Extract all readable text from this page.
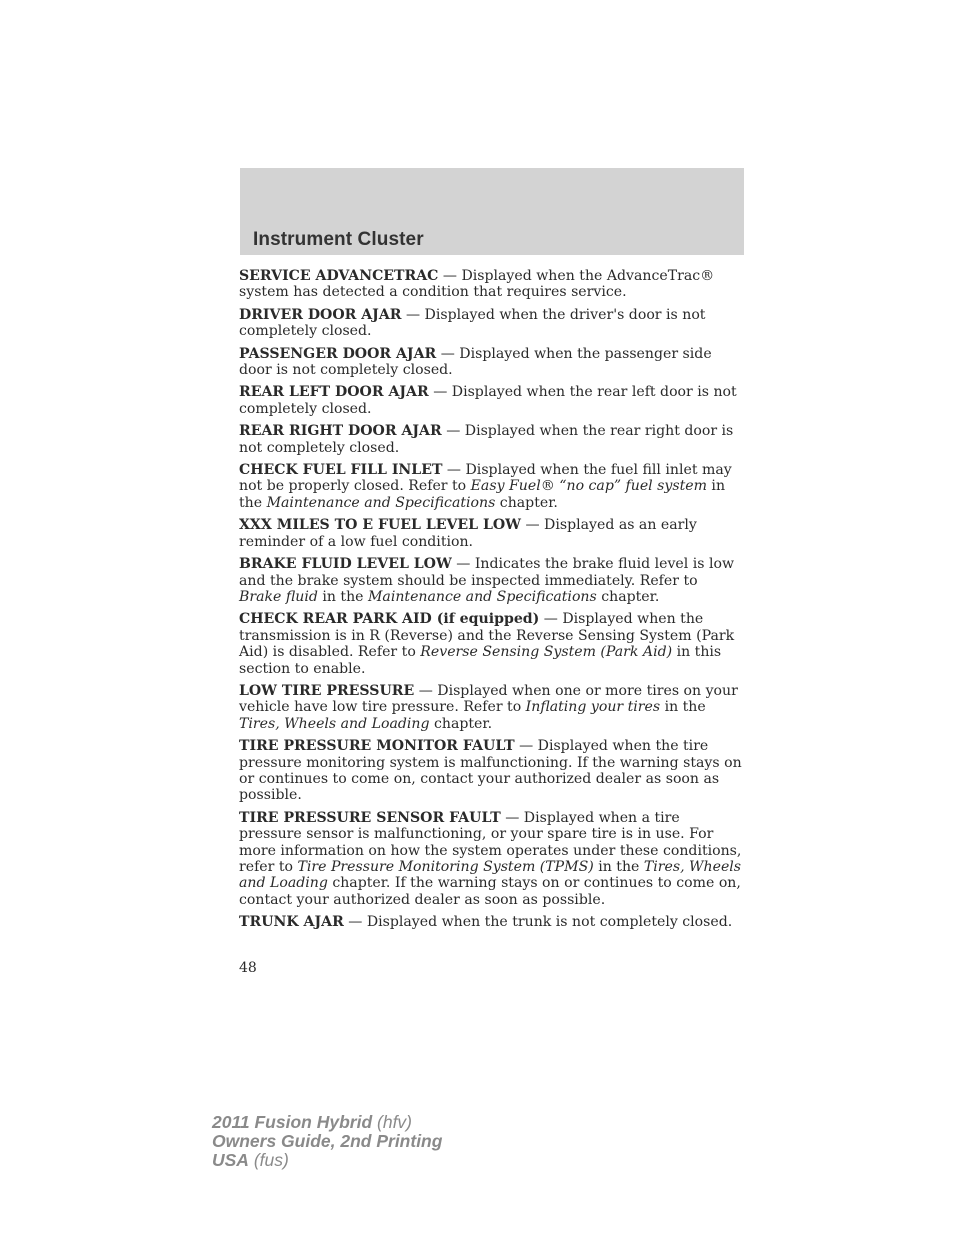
Instrument Cluster
SERVICE ADVANCETRAC — Displayed when the AdvanceTrac® system has detected a condition that requires service.
DRIVER DOOR AJAR — Displayed when the driver's door is not completely closed.
PASSENGER DOOR AJAR — Displayed when the passenger side door is not completely closed.
REAR LEFT DOOR AJAR — Displayed when the rear left door is not completely closed.
REAR RIGHT DOOR AJAR — Displayed when the rear right door is not completely closed.
CHECK FUEL FILL INLET — Displayed when the fuel fill inlet may not be properly closed. Refer to Easy Fuel® “no cap” fuel system in the Maintenance and Specifications chapter.
XXX MILES TO E FUEL LEVEL LOW — Displayed as an early reminder of a low fuel condition.
BRAKE FLUID LEVEL LOW — Indicates the brake fluid level is low and the brake system should be inspected immediately. Refer to Brake fluid in the Maintenance and Specifications chapter.
CHECK REAR PARK AID (if equipped) — Displayed when the transmission is in R (Reverse) and the Reverse Sensing System (Park Aid) is disabled. Refer to Reverse Sensing System (Park Aid) in this section to enable.
LOW TIRE PRESSURE — Displayed when one or more tires on your vehicle have low tire pressure. Refer to Inflating your tires in the Tires, Wheels and Loading chapter.
TIRE PRESSURE MONITOR FAULT — Displayed when the tire pressure monitoring system is malfunctioning. If the warning stays on or continues to come on, contact your authorized dealer as soon as possible.
TIRE PRESSURE SENSOR FAULT — Displayed when a tire pressure sensor is malfunctioning, or your spare tire is in use. For more information on how the system operates under these conditions, refer to Tire Pressure Monitoring System (TPMS) in the Tires, Wheels and Loading chapter. If the warning stays on or continues to come on, contact your authorized dealer as soon as possible.
TRUNK AJAR — Displayed when the trunk is not completely closed.
48
2011 Fusion Hybrid (hfv)
Owners Guide, 2nd Printing
USA (fus)
